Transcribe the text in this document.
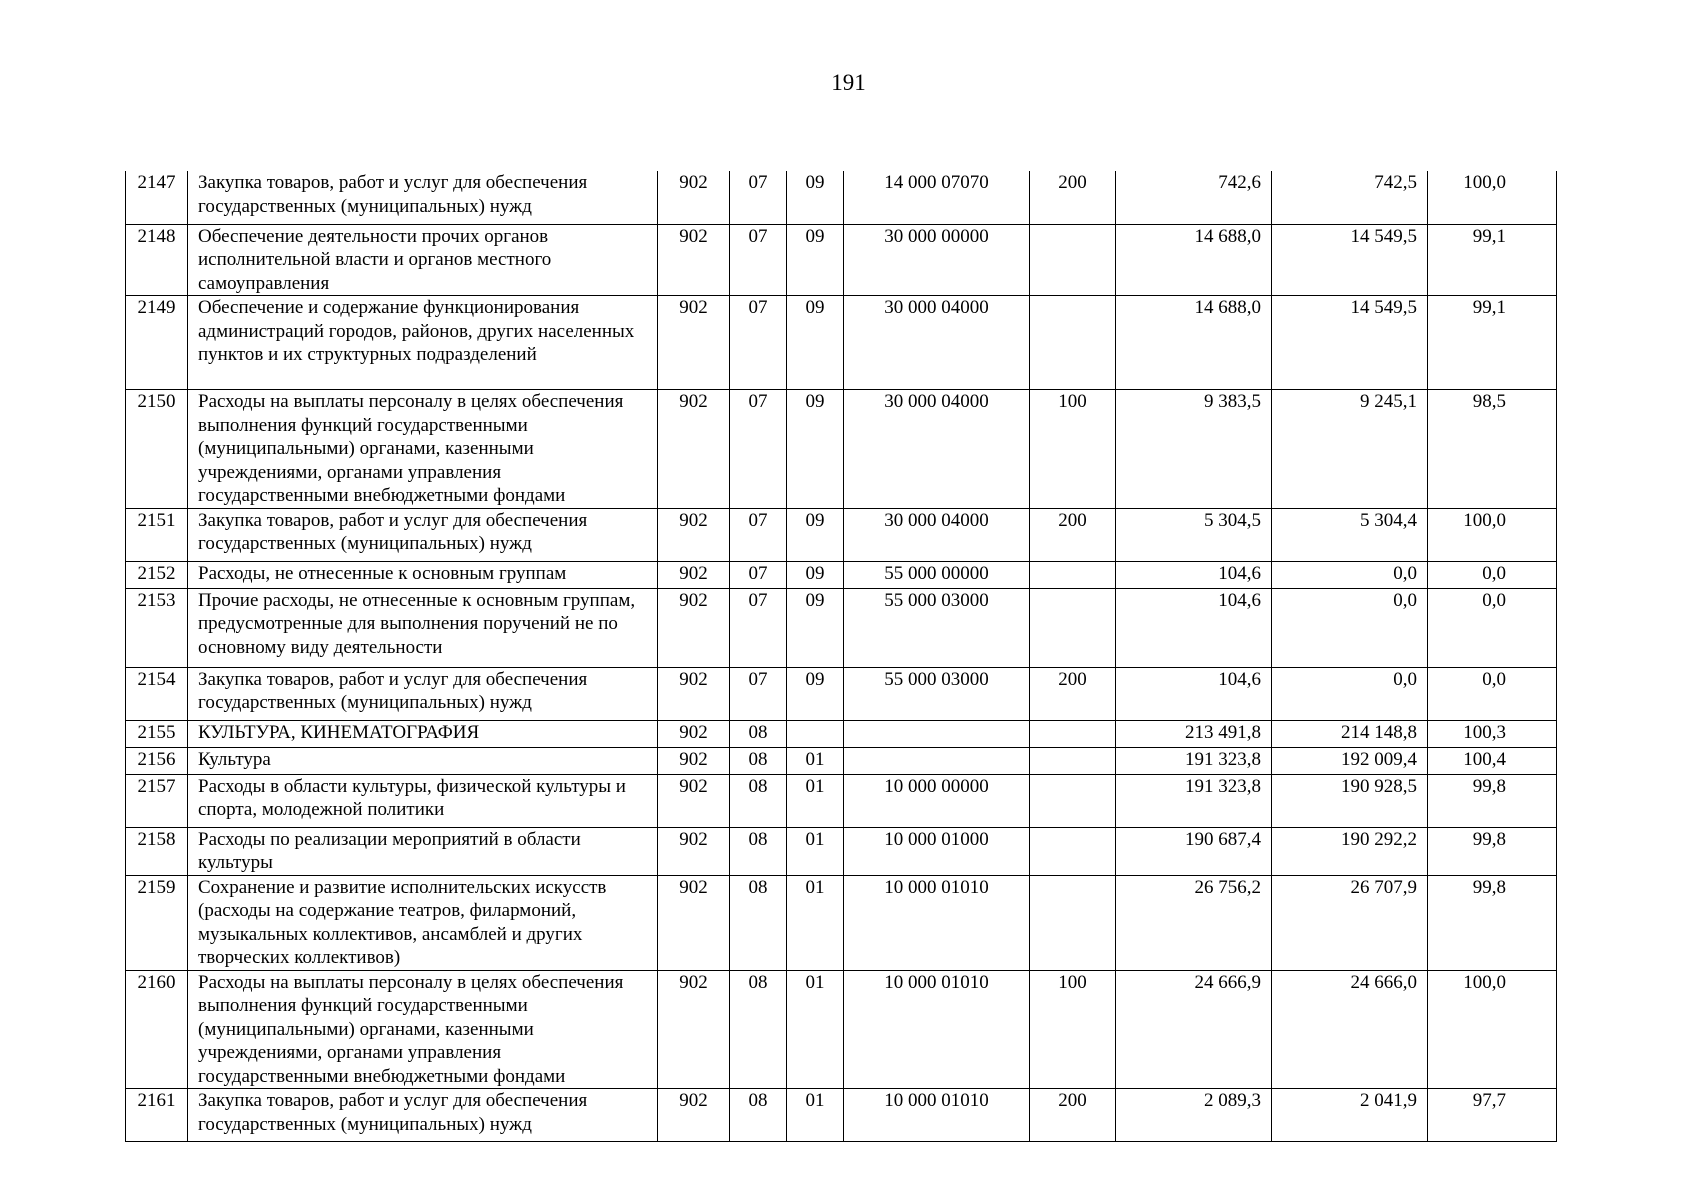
191
2147	Закупка товаров, работ и услуг для обеспечения государственных (муниципальных) нужд	902	07	09	14 000 07070	200	742,6	742,5	100,0
2148	Обеспечение деятельности прочих органов исполнительной власти и органов местного самоуправления	902	07	09	30 000 00000		14 688,0	14 549,5	99,1
2149	Обеспечение и содержание функционирования администраций городов, районов, других населенных пунктов и их структурных подразделений	902	07	09	30 000 04000		14 688,0	14 549,5	99,1
2150	Расходы на выплаты персоналу в целях обеспечения выполнения функций государственными (муниципальными) органами, казенными учреждениями, органами управления государственными внебюджетными фондами	902	07	09	30 000 04000	100	9 383,5	9 245,1	98,5
2151	Закупка товаров, работ и услуг для обеспечения государственных (муниципальных) нужд	902	07	09	30 000 04000	200	5 304,5	5 304,4	100,0
2152	Расходы, не отнесенные к основным группам	902	07	09	55 000 00000		104,6	0,0	0,0
2153	Прочие расходы, не отнесенные к основным группам, предусмотренные для выполнения поручений не по основному виду деятельности	902	07	09	55 000 03000		104,6	0,0	0,0
2154	Закупка товаров, работ и услуг для обеспечения государственных (муниципальных) нужд	902	07	09	55 000 03000	200	104,6	0,0	0,0
2155	КУЛЬТУРА, КИНЕМАТОГРАФИЯ	902	08				213 491,8	214 148,8	100,3
2156	Культура	902	08	01			191 323,8	192 009,4	100,4
2157	Расходы в области культуры, физической культуры и спорта, молодежной политики	902	08	01	10 000 00000		191 323,8	190 928,5	99,8
2158	Расходы по реализации мероприятий в области культуры	902	08	01	10 000 01000		190 687,4	190 292,2	99,8
2159	Сохранение и развитие исполнительских искусств (расходы на содержание театров, филармоний, музыкальных коллективов, ансамблей и других творческих коллективов)	902	08	01	10 000 01010		26 756,2	26 707,9	99,8
2160	Расходы на выплаты персоналу в целях обеспечения выполнения функций государственными (муниципальными) органами, казенными учреждениями, органами управления государственными внебюджетными фондами	902	08	01	10 000 01010	100	24 666,9	24 666,0	100,0
2161	Закупка товаров, работ и услуг для обеспечения государственных (муниципальных) нужд	902	08	01	10 000 01010	200	2 089,3	2 041,9	97,7
